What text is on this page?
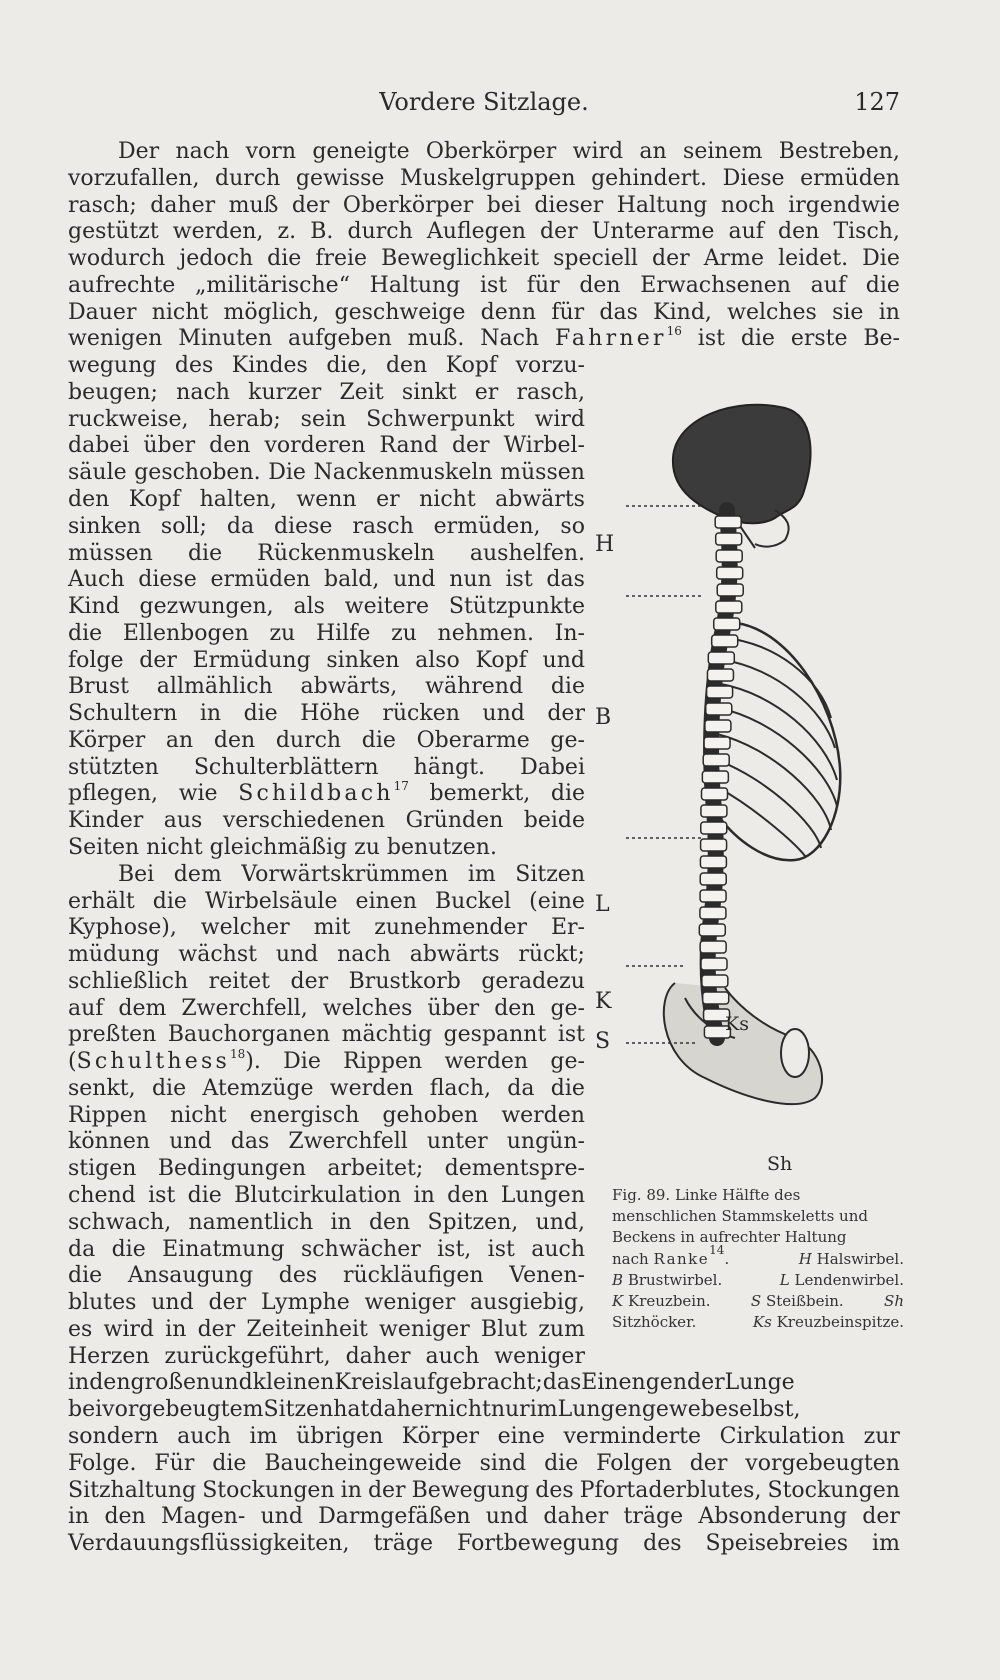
Vordere Sitzlage.	127
Der nach vorn geneigte Oberkörper wird an seinem Bestreben,
vorzufallen, durch gewisse Muskelgruppen gehindert. Diese ermüden
rasch; daher muß der Oberkörper bei dieser Haltung noch irgendwie
gestützt werden, z. B. durch Auflegen der Unterarme auf den Tisch,
wodurch jedoch die freie Beweglichkeit speciell der Arme leidet. Die
aufrechte „militärische“ Haltung ist für den Erwachsenen auf die
Dauer nicht möglich, geschweige denn für das Kind, welches sie in
wenigen Minuten aufgeben muß. Nach Fahrner$^{16}$ ist die erste Be-
wegung des Kindes die, den Kopf vorzu-
beugen; nach kurzer Zeit sinkt er rasch,
ruckweise, herab; sein Schwerpunkt wird
dabei über den vorderen Rand der Wirbel-
säule geschoben. Die Nackenmuskeln müssen
den Kopf halten, wenn er nicht abwärts
sinken soll; da diese rasch ermüden, so
müssen die Rückenmuskeln aushelfen.
Auch diese ermüden bald, und nun ist das
Kind gezwungen, als weitere Stützpunkte
die Ellenbogen zu Hilfe zu nehmen. In-
folge der Ermüdung sinken also Kopf und
Brust allmählich abwärts, während die
Schultern in die Höhe rücken und der
Körper an den durch die Oberarme ge-
stützten Schulterblättern hängt. Dabei
pflegen, wie Schildbach$^{17}$ bemerkt, die
Kinder aus verschiedenen Gründen beide
Seiten nicht gleichmäßig zu benutzen.
Bei dem Vorwärtskrümmen im Sitzen
erhält die Wirbelsäule einen Buckel (eine
Kyphose), welcher mit zunehmender Er-
müdung wächst und nach abwärts rückt;
schließlich reitet der Brustkorb geradezu
auf dem Zwerchfell, welches über den ge-
preßten Bauchorganen mächtig gespannt ist
(Schulthess$^{18}$). Die Rippen werden ge-
senkt, die Atemzüge werden flach, da die
Rippen nicht energisch gehoben werden
können und das Zwerchfell unter ungün-
stigen Bedingungen arbeitet; dementspre-
chend ist die Blutcirkulation in den Lungen
schwach, namentlich in den Spitzen, und,
da die Einatmung schwächer ist, ist auch
die Ansaugung des rückläufigen Venen-
blutes und der Lymphe weniger ausgiebig,
es wird in der Zeiteinheit weniger Blut zum
Herzen zurückgeführt, daher auch weniger
in den großen und kleinen Kreislauf gebracht; das Einengen der Lunge
bei vorgebeugtem Sitzen hat daher nicht nur im Lungengewebe selbst,
sondern auch im übrigen Körper eine verminderte Cirkulation zur
Folge. Für die Baucheingeweide sind die Folgen der vorgebeugten
Sitzhaltung Stockungen in der Bewegung des Pfortaderblutes, Stockungen
in den Magen- und Darmgefäßen und daher träge Absonderung der
Verdauungsflüssigkeiten, träge Fortbewegung des Speisebreies im
H
B
L
K
S
Ks
Sh
Fig. 89. Linke Hälfte des
menschlichen Stammskeletts und
Beckens in aufrechter Haltung
nach Ranke$^{14}$.	H Halswirbel.
B Brustwirbel.	L Lendenwirbel.
K Kreuzbein.	S Steißbein.	Sh
Sitzhöcker.	Ks Kreuzbeinspitze.
